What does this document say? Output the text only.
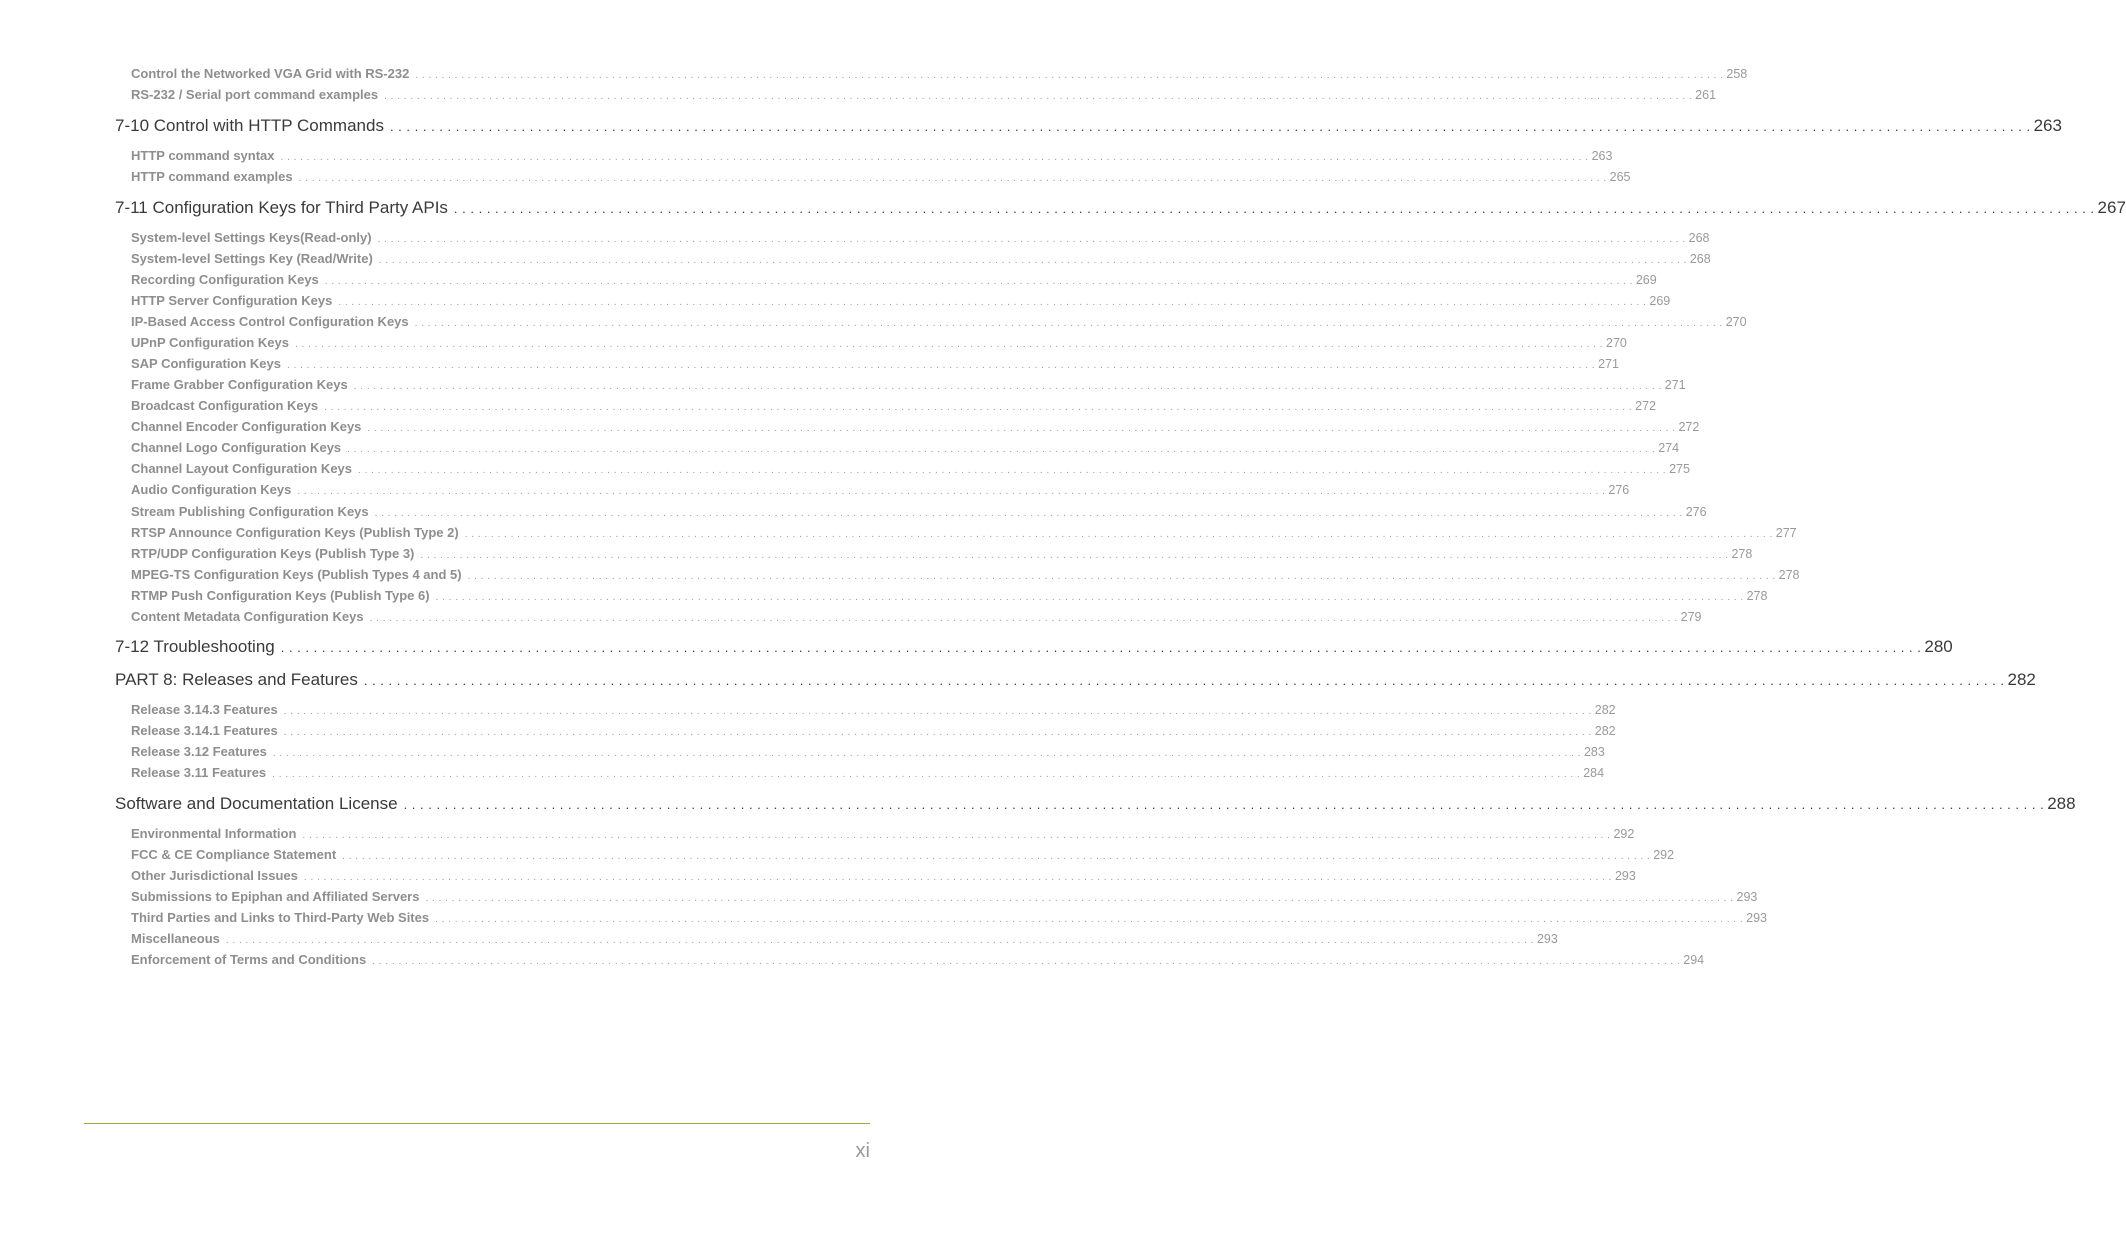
Control the Networked VGA Grid with RS-232 . . . . . . . . . . . . . . . . . . . . . . . . . . . . . . . . . . . . . . . . . . . . . . . . . . . . . . . . . . . . . . . . . . . . . . . . . . . . . . . . . . . . . . . . . . . . . . . . . . . . . . . . . . . . . . . . . . . . . . . . . . . . . . . . . . . . . . . . . . . . . . . . . . . . . . . . . . . . . . . . . . . . . . . . . . . . . . . . . . . . . . . . . . . . . . . . . . . . . . . . 258
RS-232 / Serial port command examples . . . . . . . . . . . . . . . . . . . . . . . . . . . . . . . . . . . . . . . . . . . . . . . . . . . . . . . . . . . . . . . . . . . . . . . . . . . . . . . . . . . . . . . . . . . . . . . . . . . . . . . . . . . . . . . . . . . . . . . . . . . . . . . . . . . . . . . . . . . . . . . . . . . . . . . . . . . . . . . . . . . . . . . . . . . . . . . . . . . . . . . . . . . . . . . . . . . . . . . . 261
7-10 Control with HTTP Commands . . . . . . . . . . . . . . . . . . . . . . . . . . . . . . . . . . . . . . . . . . . . . . . . . . . . . . . . . . . . . . . . . . . . . . . . . . . . . . . . . . . . . . . . . . . . . . . . . . . . . . . . . . . . . . . . . . . . . . . . . . . . . . . . . . . . . . . . . . . . . . . . . . . . . . . . . . . . . . . . . . . . . . . . . . . . . . . . . . . . . . . . . . . . . . . . . . . . . . . . 263
HTTP command syntax . . . . . . . . . . . . . . . . . . . . . . . . . . . . . . . . . . . . . . . . . . . . . . . . . . . . . . . . . . . . . . . . . . . . . . . . . . . . . . . . . . . . . . . . . . . . . . . . . . . . . . . . . . . . . . . . . . . . . . . . . . . . . . . . . . . . . . . . . . . . . . . . . . . . . . . . . . . . . . . . . . . . . . . . . . . . . . . . . . . . . . . . . . . . . . . . . . . . . . . . 263
HTTP command examples . . . . . . . . . . . . . . . . . . . . . . . . . . . . . . . . . . . . . . . . . . . . . . . . . . . . . . . . . . . . . . . . . . . . . . . . . . . . . . . . . . . . . . . . . . . . . . . . . . . . . . . . . . . . . . . . . . . . . . . . . . . . . . . . . . . . . . . . . . . . . . . . . . . . . . . . . . . . . . . . . . . . . . . . . . . . . . . . . . . . . . . . . . . . . . . . . . . . . . . . 265
7-11 Configuration Keys for Third Party APIs . . . . . . . . . . . . . . . . . . . . . . . . . . . . . . . . . . . . . . . . . . . . . . . . . . . . . . . . . . . . . . . . . . . . . . . . . . . . . . . . . . . . . . . . . . . . . . . . . . . . . . . . . . . . . . . . . . . . . . . . . . . . . . . . . . . . . . . . . . . . . . . . . . . . . . . . . . . . . . . . . . . . . . . . . . . . . . . . . . . . . . . . . . . . . . . . . . . . . . . . 267
System-level Settings Keys(Read-only) . . . . . . . . . . . . . . . . . . . . . . . . . . . . . . . . . . . . . . . . . . . . . . . . . . . . . . . . . . . . . . . . . . . . . . . . . . . . . . . . . . . . . . . . . . . . . . . . . . . . . . . . . . . . . . . . . . . . . . . . . . . . . . . . . . . . . . . . . . . . . . . . . . . . . . . . . . . . . . . . . . . . . . . . . . . . . . . . . . . . . . . . . . . . . . . . . . . . . . . . 268
System-level Settings Key (Read/Write) . . . . . . . . . . . . . . . . . . . . . . . . . . . . . . . . . . . . . . . . . . . . . . . . . . . . . . . . . . . . . . . . . . . . . . . . . . . . . . . . . . . . . . . . . . . . . . . . . . . . . . . . . . . . . . . . . . . . . . . . . . . . . . . . . . . . . . . . . . . . . . . . . . . . . . . . . . . . . . . . . . . . . . . . . . . . . . . . . . . . . . . . . . . . . . . . . . . . . . . . 268
Recording Configuration Keys . . . . . . . . . . . . . . . . . . . . . . . . . . . . . . . . . . . . . . . . . . . . . . . . . . . . . . . . . . . . . . . . . . . . . . . . . . . . . . . . . . . . . . . . . . . . . . . . . . . . . . . . . . . . . . . . . . . . . . . . . . . . . . . . . . . . . . . . . . . . . . . . . . . . . . . . . . . . . . . . . . . . . . . . . . . . . . . . . . . . . . . . . . . . . . . . . . . . . . . . 269
HTTP Server Configuration Keys . . . . . . . . . . . . . . . . . . . . . . . . . . . . . . . . . . . . . . . . . . . . . . . . . . . . . . . . . . . . . . . . . . . . . . . . . . . . . . . . . . . . . . . . . . . . . . . . . . . . . . . . . . . . . . . . . . . . . . . . . . . . . . . . . . . . . . . . . . . . . . . . . . . . . . . . . . . . . . . . . . . . . . . . . . . . . . . . . . . . . . . . . . . . . . . . . . . . . . . . 269
IP-Based Access Control Configuration Keys . . . . . . . . . . . . . . . . . . . . . . . . . . . . . . . . . . . . . . . . . . . . . . . . . . . . . . . . . . . . . . . . . . . . . . . . . . . . . . . . . . . . . . . . . . . . . . . . . . . . . . . . . . . . . . . . . . . . . . . . . . . . . . . . . . . . . . . . . . . . . . . . . . . . . . . . . . . . . . . . . . . . . . . . . . . . . . . . . . . . . . . . . . . . . . . . . . . . . . . . 270
UPnP Configuration Keys . . . . . . . . . . . . . . . . . . . . . . . . . . . . . . . . . . . . . . . . . . . . . . . . . . . . . . . . . . . . . . . . . . . . . . . . . . . . . . . . . . . . . . . . . . . . . . . . . . . . . . . . . . . . . . . . . . . . . . . . . . . . . . . . . . . . . . . . . . . . . . . . . . . . . . . . . . . . . . . . . . . . . . . . . . . . . . . . . . . . . . . . . . . . . . . . . . . . . . . . 270
SAP Configuration Keys . . . . . . . . . . . . . . . . . . . . . . . . . . . . . . . . . . . . . . . . . . . . . . . . . . . . . . . . . . . . . . . . . . . . . . . . . . . . . . . . . . . . . . . . . . . . . . . . . . . . . . . . . . . . . . . . . . . . . . . . . . . . . . . . . . . . . . . . . . . . . . . . . . . . . . . . . . . . . . . . . . . . . . . . . . . . . . . . . . . . . . . . . . . . . . . . . . . . . . . . 271
Frame Grabber Configuration Keys . . . . . . . . . . . . . . . . . . . . . . . . . . . . . . . . . . . . . . . . . . . . . . . . . . . . . . . . . . . . . . . . . . . . . . . . . . . . . . . . . . . . . . . . . . . . . . . . . . . . . . . . . . . . . . . . . . . . . . . . . . . . . . . . . . . . . . . . . . . . . . . . . . . . . . . . . . . . . . . . . . . . . . . . . . . . . . . . . . . . . . . . . . . . . . . . . . . . . . . . 271
Broadcast Configuration Keys . . . . . . . . . . . . . . . . . . . . . . . . . . . . . . . . . . . . . . . . . . . . . . . . . . . . . . . . . . . . . . . . . . . . . . . . . . . . . . . . . . . . . . . . . . . . . . . . . . . . . . . . . . . . . . . . . . . . . . . . . . . . . . . . . . . . . . . . . . . . . . . . . . . . . . . . . . . . . . . . . . . . . . . . . . . . . . . . . . . . . . . . . . . . . . . . . . . . . . . . 272
Channel Encoder Configuration Keys . . . . . . . . . . . . . . . . . . . . . . . . . . . . . . . . . . . . . . . . . . . . . . . . . . . . . . . . . . . . . . . . . . . . . . . . . . . . . . . . . . . . . . . . . . . . . . . . . . . . . . . . . . . . . . . . . . . . . . . . . . . . . . . . . . . . . . . . . . . . . . . . . . . . . . . . . . . . . . . . . . . . . . . . . . . . . . . . . . . . . . . . . . . . . . . . . . . . . . . . 272
Channel Logo Configuration Keys . . . . . . . . . . . . . . . . . . . . . . . . . . . . . . . . . . . . . . . . . . . . . . . . . . . . . . . . . . . . . . . . . . . . . . . . . . . . . . . . . . . . . . . . . . . . . . . . . . . . . . . . . . . . . . . . . . . . . . . . . . . . . . . . . . . . . . . . . . . . . . . . . . . . . . . . . . . . . . . . . . . . . . . . . . . . . . . . . . . . . . . . . . . . . . . . . . . . . . . . 274
Channel Layout Configuration Keys . . . . . . . . . . . . . . . . . . . . . . . . . . . . . . . . . . . . . . . . . . . . . . . . . . . . . . . . . . . . . . . . . . . . . . . . . . . . . . . . . . . . . . . . . . . . . . . . . . . . . . . . . . . . . . . . . . . . . . . . . . . . . . . . . . . . . . . . . . . . . . . . . . . . . . . . . . . . . . . . . . . . . . . . . . . . . . . . . . . . . . . . . . . . . . . . . . . . . . . . 275
Audio Configuration Keys . . . . . . . . . . . . . . . . . . . . . . . . . . . . . . . . . . . . . . . . . . . . . . . . . . . . . . . . . . . . . . . . . . . . . . . . . . . . . . . . . . . . . . . . . . . . . . . . . . . . . . . . . . . . . . . . . . . . . . . . . . . . . . . . . . . . . . . . . . . . . . . . . . . . . . . . . . . . . . . . . . . . . . . . . . . . . . . . . . . . . . . . . . . . . . . . . . . . . . . . 276
Stream Publishing Configuration Keys . . . . . . . . . . . . . . . . . . . . . . . . . . . . . . . . . . . . . . . . . . . . . . . . . . . . . . . . . . . . . . . . . . . . . . . . . . . . . . . . . . . . . . . . . . . . . . . . . . . . . . . . . . . . . . . . . . . . . . . . . . . . . . . . . . . . . . . . . . . . . . . . . . . . . . . . . . . . . . . . . . . . . . . . . . . . . . . . . . . . . . . . . . . . . . . . . . . . . . . . 276
RTSP Announce Configuration Keys (Publish Type 2) . . . . . . . . . . . . . . . . . . . . . . . . . . . . . . . . . . . . . . . . . . . . . . . . . . . . . . . . . . . . . . . . . . . . . . . . . . . . . . . . . . . . . . . . . . . . . . . . . . . . . . . . . . . . . . . . . . . . . . . . . . . . . . . . . . . . . . . . . . . . . . . . . . . . . . . . . . . . . . . . . . . . . . . . . . . . . . . . . . . . . . . . . . . . . . . . . . . . . . . . 277
RTP/UDP Configuration Keys (Publish Type 3) . . . . . . . . . . . . . . . . . . . . . . . . . . . . . . . . . . . . . . . . . . . . . . . . . . . . . . . . . . . . . . . . . . . . . . . . . . . . . . . . . . . . . . . . . . . . . . . . . . . . . . . . . . . . . . . . . . . . . . . . . . . . . . . . . . . . . . . . . . . . . . . . . . . . . . . . . . . . . . . . . . . . . . . . . . . . . . . . . . . . . . . . . . . . . . . . . . . . . . . . 278
MPEG-TS Configuration Keys (Publish Types 4 and 5) . . . . . . . . . . . . . . . . . . . . . . . . . . . . . . . . . . . . . . . . . . . . . . . . . . . . . . . . . . . . . . . . . . . . . . . . . . . . . . . . . . . . . . . . . . . . . . . . . . . . . . . . . . . . . . . . . . . . . . . . . . . . . . . . . . . . . . . . . . . . . . . . . . . . . . . . . . . . . . . . . . . . . . . . . . . . . . . . . . . . . . . . . . . . . . . . . . . . . . . . 278
RTMP Push Configuration Keys (Publish Type 6) . . . . . . . . . . . . . . . . . . . . . . . . . . . . . . . . . . . . . . . . . . . . . . . . . . . . . . . . . . . . . . . . . . . . . . . . . . . . . . . . . . . . . . . . . . . . . . . . . . . . . . . . . . . . . . . . . . . . . . . . . . . . . . . . . . . . . . . . . . . . . . . . . . . . . . . . . . . . . . . . . . . . . . . . . . . . . . . . . . . . . . . . . . . . . . . . . . . . . . . . 278
Content Metadata Configuration Keys . . . . . . . . . . . . . . . . . . . . . . . . . . . . . . . . . . . . . . . . . . . . . . . . . . . . . . . . . . . . . . . . . . . . . . . . . . . . . . . . . . . . . . . . . . . . . . . . . . . . . . . . . . . . . . . . . . . . . . . . . . . . . . . . . . . . . . . . . . . . . . . . . . . . . . . . . . . . . . . . . . . . . . . . . . . . . . . . . . . . . . . . . . . . . . . . . . . . . . . . 279
7-12 Troubleshooting . . . . . . . . . . . . . . . . . . . . . . . . . . . . . . . . . . . . . . . . . . . . . . . . . . . . . . . . . . . . . . . . . . . . . . . . . . . . . . . . . . . . . . . . . . . . . . . . . . . . . . . . . . . . . . . . . . . . . . . . . . . . . . . . . . . . . . . . . . . . . . . . . . . . . . . . . . . . . . . . . . . . . . . . . . . . . . . . . . . . . . . . . . . . . . . . . . . . . . . . 280
PART 8: Releases and Features . . . . . . . . . . . . . . . . . . . . . . . . . . . . . . . . . . . . . . . . . . . . . . . . . . . . . . . . . . . . . . . . . . . . . . . . . . . . . . . . . . . . . . . . . . . . . . . . . . . . . . . . . . . . . . . . . . . . . . . . . . . . . . . . . . . . . . . . . . . . . . . . . . . . . . . . . . . . . . . . . . . . . . . . . . . . . . . . . . . . . . . . . . . . . . . . . . . . . . . . 282
Release 3.14.3 Features . . . . . . . . . . . . . . . . . . . . . . . . . . . . . . . . . . . . . . . . . . . . . . . . . . . . . . . . . . . . . . . . . . . . . . . . . . . . . . . . . . . . . . . . . . . . . . . . . . . . . . . . . . . . . . . . . . . . . . . . . . . . . . . . . . . . . . . . . . . . . . . . . . . . . . . . . . . . . . . . . . . . . . . . . . . . . . . . . . . . . . . . . . . . . . . . . . . . . . . . 282
Release 3.14.1 Features . . . . . . . . . . . . . . . . . . . . . . . . . . . . . . . . . . . . . . . . . . . . . . . . . . . . . . . . . . . . . . . . . . . . . . . . . . . . . . . . . . . . . . . . . . . . . . . . . . . . . . . . . . . . . . . . . . . . . . . . . . . . . . . . . . . . . . . . . . . . . . . . . . . . . . . . . . . . . . . . . . . . . . . . . . . . . . . . . . . . . . . . . . . . . . . . . . . . . . . . 282
Release 3.12 Features . . . . . . . . . . . . . . . . . . . . . . . . . . . . . . . . . . . . . . . . . . . . . . . . . . . . . . . . . . . . . . . . . . . . . . . . . . . . . . . . . . . . . . . . . . . . . . . . . . . . . . . . . . . . . . . . . . . . . . . . . . . . . . . . . . . . . . . . . . . . . . . . . . . . . . . . . . . . . . . . . . . . . . . . . . . . . . . . . . . . . . . . . . . . . . . . . . . . . . . . 283
Release 3.11 Features . . . . . . . . . . . . . . . . . . . . . . . . . . . . . . . . . . . . . . . . . . . . . . . . . . . . . . . . . . . . . . . . . . . . . . . . . . . . . . . . . . . . . . . . . . . . . . . . . . . . . . . . . . . . . . . . . . . . . . . . . . . . . . . . . . . . . . . . . . . . . . . . . . . . . . . . . . . . . . . . . . . . . . . . . . . . . . . . . . . . . . . . . . . . . . . . . . . . . . . . 284
Software and Documentation License . . . . . . . . . . . . . . . . . . . . . . . . . . . . . . . . . . . . . . . . . . . . . . . . . . . . . . . . . . . . . . . . . . . . . . . . . . . . . . . . . . . . . . . . . . . . . . . . . . . . . . . . . . . . . . . . . . . . . . . . . . . . . . . . . . . . . . . . . . . . . . . . . . . . . . . . . . . . . . . . . . . . . . . . . . . . . . . . . . . . . . . . . . . . . . . . . . . . . . . . 288
Environmental Information . . . . . . . . . . . . . . . . . . . . . . . . . . . . . . . . . . . . . . . . . . . . . . . . . . . . . . . . . . . . . . . . . . . . . . . . . . . . . . . . . . . . . . . . . . . . . . . . . . . . . . . . . . . . . . . . . . . . . . . . . . . . . . . . . . . . . . . . . . . . . . . . . . . . . . . . . . . . . . . . . . . . . . . . . . . . . . . . . . . . . . . . . . . . . . . . . . . . . . . . 292
FCC & CE Compliance Statement . . . . . . . . . . . . . . . . . . . . . . . . . . . . . . . . . . . . . . . . . . . . . . . . . . . . . . . . . . . . . . . . . . . . . . . . . . . . . . . . . . . . . . . . . . . . . . . . . . . . . . . . . . . . . . . . . . . . . . . . . . . . . . . . . . . . . . . . . . . . . . . . . . . . . . . . . . . . . . . . . . . . . . . . . . . . . . . . . . . . . . . . . . . . . . . . . . . . . . . . 292
Other Jurisdictional Issues . . . . . . . . . . . . . . . . . . . . . . . . . . . . . . . . . . . . . . . . . . . . . . . . . . . . . . . . . . . . . . . . . . . . . . . . . . . . . . . . . . . . . . . . . . . . . . . . . . . . . . . . . . . . . . . . . . . . . . . . . . . . . . . . . . . . . . . . . . . . . . . . . . . . . . . . . . . . . . . . . . . . . . . . . . . . . . . . . . . . . . . . . . . . . . . . . . . . . . . . 293
Submissions to Epiphan and Affiliated Servers . . . . . . . . . . . . . . . . . . . . . . . . . . . . . . . . . . . . . . . . . . . . . . . . . . . . . . . . . . . . . . . . . . . . . . . . . . . . . . . . . . . . . . . . . . . . . . . . . . . . . . . . . . . . . . . . . . . . . . . . . . . . . . . . . . . . . . . . . . . . . . . . . . . . . . . . . . . . . . . . . . . . . . . . . . . . . . . . . . . . . . . . . . . . . . . . . . . . . . . . 293
Third Parties and Links to Third-Party Web Sites . . . . . . . . . . . . . . . . . . . . . . . . . . . . . . . . . . . . . . . . . . . . . . . . . . . . . . . . . . . . . . . . . . . . . . . . . . . . . . . . . . . . . . . . . . . . . . . . . . . . . . . . . . . . . . . . . . . . . . . . . . . . . . . . . . . . . . . . . . . . . . . . . . . . . . . . . . . . . . . . . . . . . . . . . . . . . . . . . . . . . . . . . . . . . . . . . . . . . . . . 293
Miscellaneous . . . . . . . . . . . . . . . . . . . . . . . . . . . . . . . . . . . . . . . . . . . . . . . . . . . . . . . . . . . . . . . . . . . . . . . . . . . . . . . . . . . . . . . . . . . . . . . . . . . . . . . . . . . . . . . . . . . . . . . . . . . . . . . . . . . . . . . . . . . . . . . . . . . . . . . . . . . . . . . . . . . . . . . . . . . . . . . . . . . . . . . . . . . . . . . . . . . . . . . . 293
Enforcement of Terms and Conditions . . . . . . . . . . . . . . . . . . . . . . . . . . . . . . . . . . . . . . . . . . . . . . . . . . . . . . . . . . . . . . . . . . . . . . . . . . . . . . . . . . . . . . . . . . . . . . . . . . . . . . . . . . . . . . . . . . . . . . . . . . . . . . . . . . . . . . . . . . . . . . . . . . . . . . . . . . . . . . . . . . . . . . . . . . . . . . . . . . . . . . . . . . . . . . . . . . . . . . . . 294
xi
